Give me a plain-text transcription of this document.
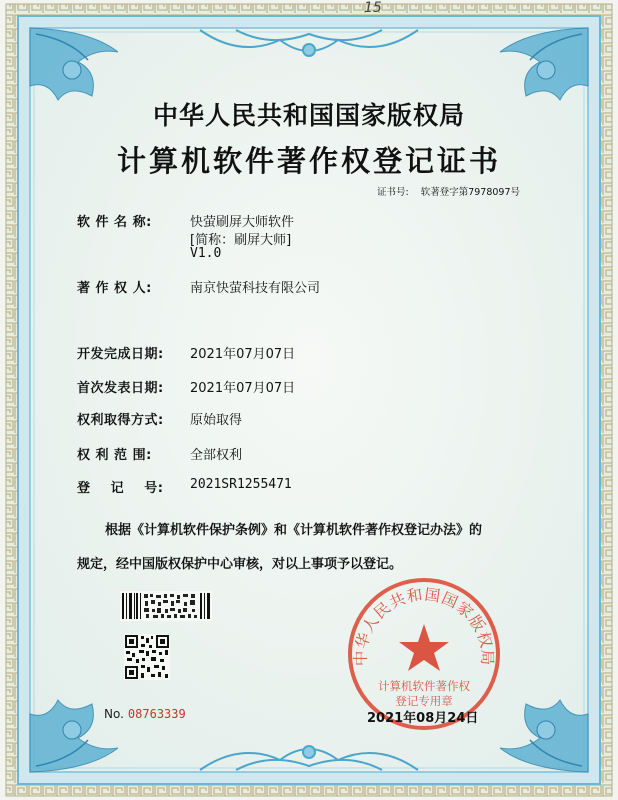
15
中华人民共和国国家版权局
计算机软件著作权登记证书
证书号: 软著登字第7978097号
软 件 名 称:	快萤刷屏大师软件
[简称：刷屏大师]
V1.0
著 作 权 人:	南京快萤科技有限公司
开发完成日期: 2021年07月07日
首次发表日期: 2021年07月07日
权利取得方式: 原始取得
权 利 范 围:	全部权利
登    记    号: 2021SR1255471
根据《计算机软件保护条例》和《计算机软件著作权登记办法》的
规定，经中国版权保护中心审核，对以上事项予以登记。
No. 08763339
中华人民共和国国家版权局
计算机软件著作权
登记专用章
2021年08月24日
